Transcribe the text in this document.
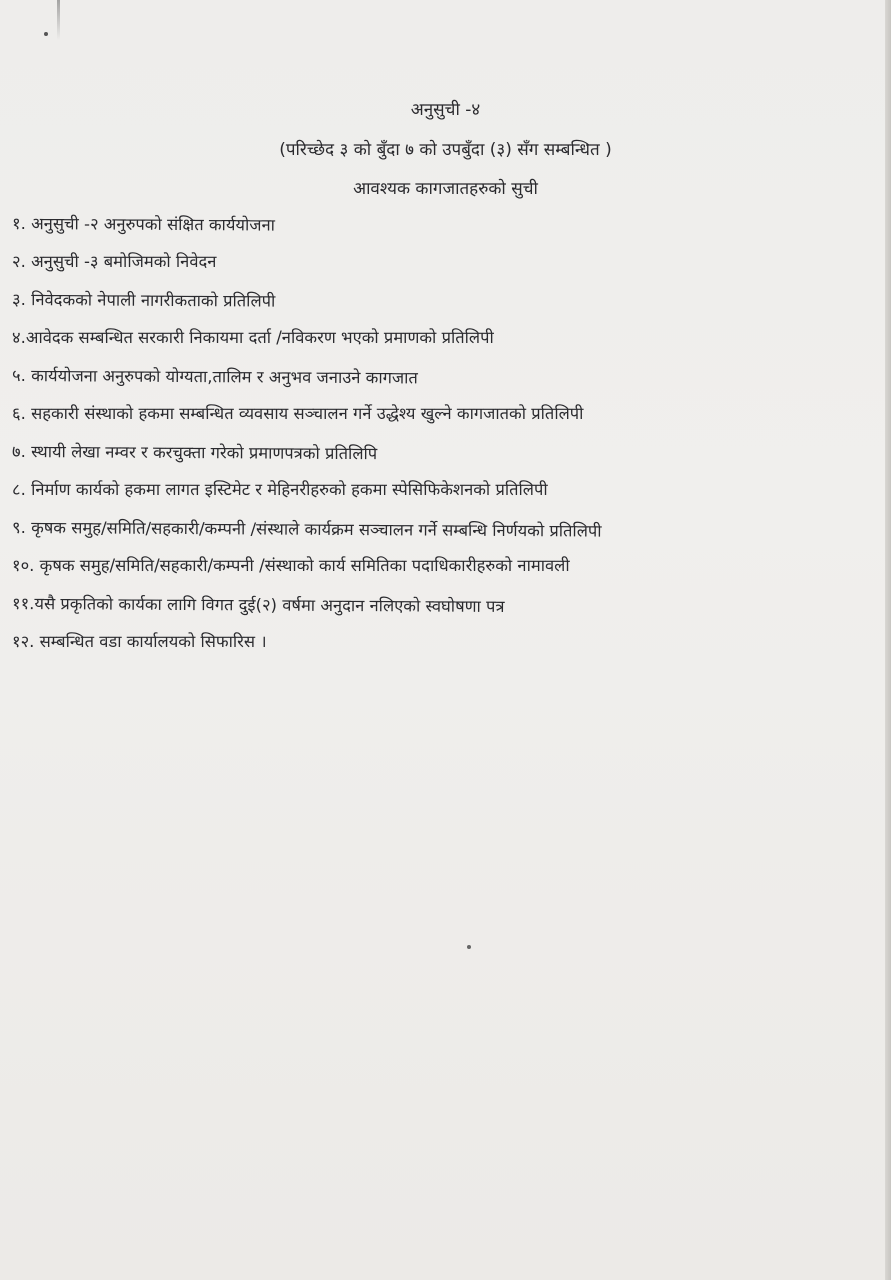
अनुसुची -४
(परिच्छेद ३ को बुँदा ७ को उपबुँदा (३) सँग सम्बन्धित )
आवश्यक कागजातहरुको सुची
१. अनुसुची -२ अनुरुपको संक्षित कार्ययोजना
२. अनुसुची -३ बमोजिमको निवेदन
३. निवेदकको नेपाली नागरीकताको प्रतिलिपी
४.आवेदक सम्बन्धित सरकारी निकायमा दर्ता /नविकरण भएको प्रमाणको प्रतिलिपी
५. कार्ययोजना अनुरुपको योग्यता,तालिम र अनुभव जनाउने कागजात
६. सहकारी संस्थाको हकमा सम्बन्धित व्यवसाय सञ्चालन गर्ने उद्धेश्य खुल्ने कागजातको प्रतिलिपी
७. स्थायी लेखा नम्वर र करचुक्ता गरेको प्रमाणपत्रको प्रतिलिपि
८. निर्माण कार्यको हकमा लागत इस्टिमेट र मेहिनरीहरुको हकमा स्पेसिफिकेशनको प्रतिलिपी
९. कृषक समुह/समिति/सहकारी/कम्पनी /संस्थाले कार्यक्रम सञ्चालन गर्ने सम्बन्धि निर्णयको प्रतिलिपी
१०. कृषक समुह/समिति/सहकारी/कम्पनी /संस्थाको कार्य समितिका पदाधिकारीहरुको नामावली
११.यसै प्रकृतिको कार्यका लागि विगत दुई(२) वर्षमा अनुदान नलिएको स्वघोषणा पत्र
१२. सम्बन्धित वडा कार्यालयको सिफारिस ।
